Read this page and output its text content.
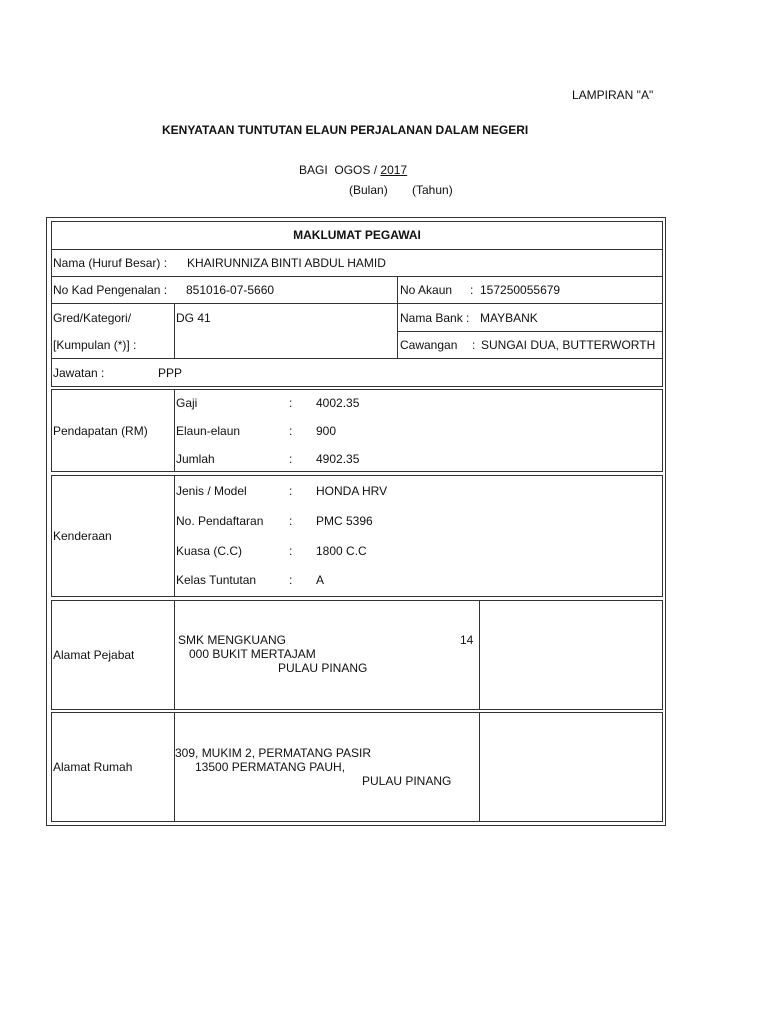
LAMPIRAN "A"
KENYATAAN TUNTUTAN ELAUN PERJALANAN DALAM NEGERI
BAGI OGOS / 2017
(Bulan) (Tahun)
MAKLUMAT PEGAWAI
Nama (Huruf Besar) : KHAIRUNNIZA BINTI ABDUL HAMID
No Kad Pengenalan : 851016-07-5660	No Akaun : 157250055679
Gred/Kategori/
[Kumpulan (*)] :
DG 41	Nama Bank : MAYBANK
Cawangan : SUNGAI DUA, BUTTERWORTH
Jawatan :	PPP
Pendapatan (RM)
Gaji	: 4002.35
Elaun-elaun	: 900
Jumlah	: 4902.35
Kenderaan
Jenis / Model	: HONDA HRV
No. Pendaftaran : PMC 5396
Kuasa (C.C)	: 1800 C.C
Kelas Tuntutan	: A
Alamat Pejabat
SMK MENGKUANG	14
000 BUKIT MERTAJAM
PULAU PINANG
Alamat Rumah
309, MUKIM 2, PERMATANG PASIR
13500 PERMATANG PAUH,
PULAU PINANG
